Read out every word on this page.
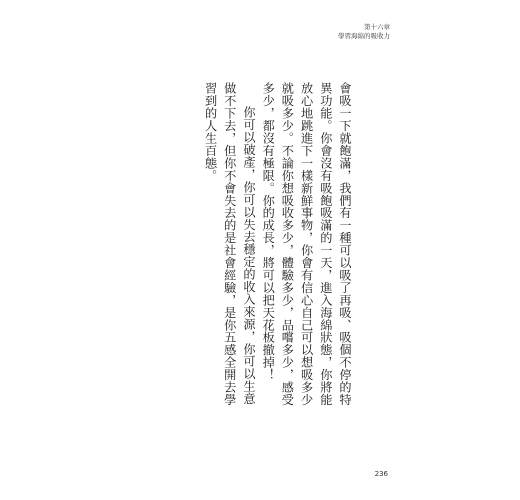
第十六章
學習海綿的吸收力

會吸一下就飽滿，我們有一種可以吸了再吸、吸個不停的特異功能。你會沒有吸飽吸滿的一天，進入海綿狀態，你將能放心地跳進下一樣新鮮事物，你會有信心自己可以想吸多少就吸多少。不論你想吸收多少，體驗多少，品嚐多少，感受多少，都沒有極限。你的成長，將可以把天花板撤掉！

你可以破產，你可以失去穩定的收入來源，你可以生意做不下去，但你不會失去的是社會經驗，是你五感全開去學習到的人生百態。

236
